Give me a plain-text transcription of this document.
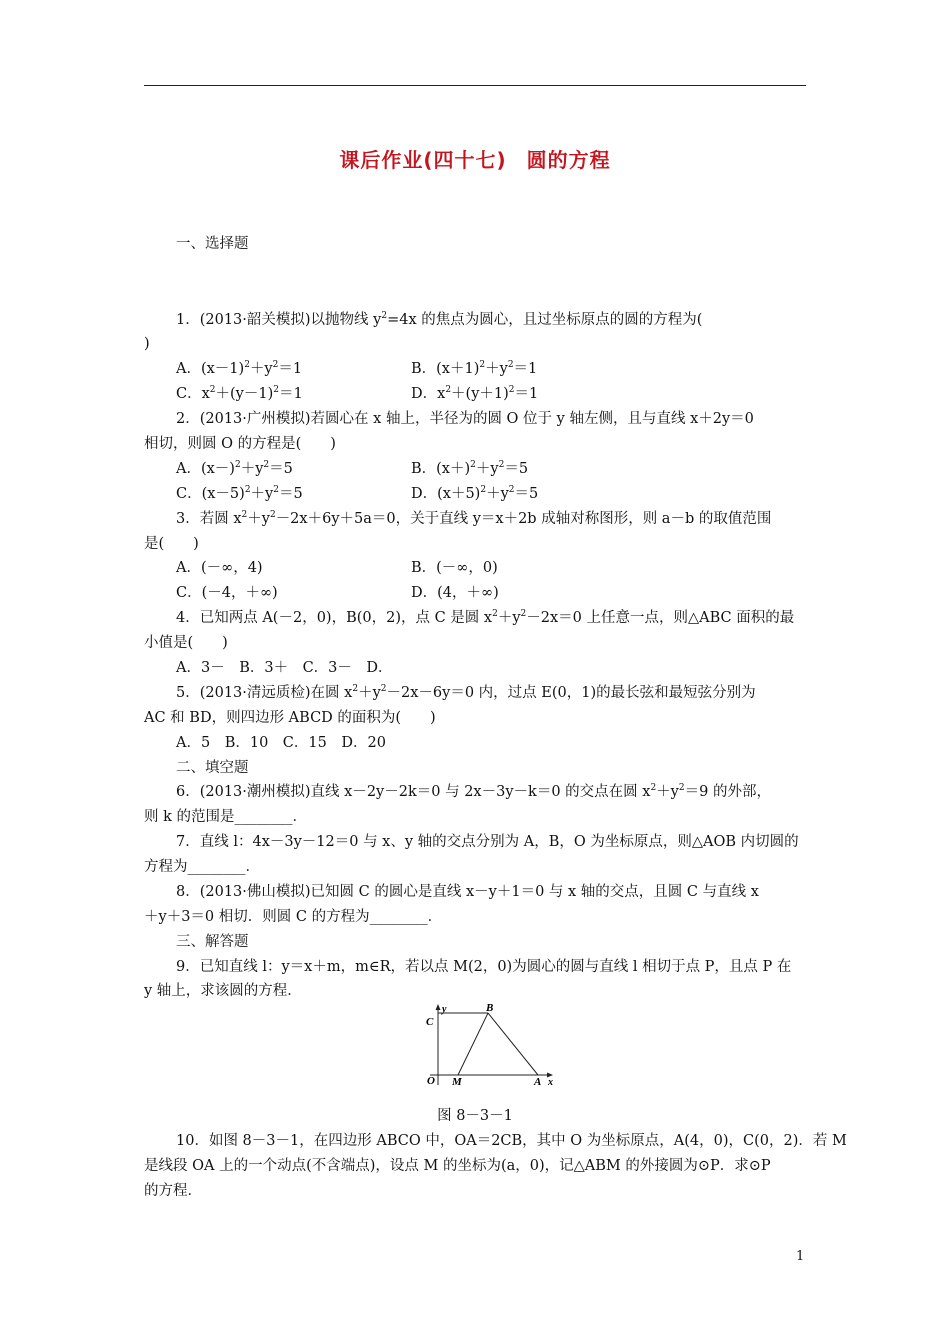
课后作业(四十七) 圆的方程
一、选择题
1．(2013·韶关模拟)以抛物线 $y^2=4x$ 的焦点为圆心，且过坐标原点的圆的方程为(
)
A．$(x-1)^2+y^2=1$	B．$(x+1)^2+y^2=1$
C．$x^2+(y-1)^2=1$	D．$x^2+(y+1)^2=1$
2．(2013·广州模拟)若圆心在 x 轴上，半径为的圆 O 位于 y 轴左侧，且与直线 x＋2y＝0
相切，则圆 O 的方程是(　　)
A．$(x-)^2+y^2=5$	B．$(x+)^2+y^2=5$
C．$(x-5)^2+y^2=5$	D．$(x+5)^2+y^2=5$
3．若圆 $x^2+y^2-2x+6y+5a=0$，关于直线 y＝x＋2b 成轴对称图形，则 a－b 的取值范围
是(　　)
A．(－∞，4)	B．(－∞，0)
C．(－4，＋∞)	D．(4，＋∞)
4．已知两点 A(－2，0)，B(0，2)，点 C 是圆 $x^2+y^2-2x=0$ 上任意一点，则△ABC 面积的最
小值是(　　)
A．3－　B．3＋　C．3－　D．
5．(2013·清远质检)在圆 $x^2+y^2-2x-6y=0$ 内，过点 E(0，1)的最长弦和最短弦分别为
AC 和 BD，则四边形 ABCD 的面积为(　　)
A．5　B．10　C．15　D．20
二、填空题
6．(2013·潮州模拟)直线 x－2y－2k＝0 与 2x－3y－k＝0 的交点在圆 $x^2+y^2=9$ 的外部，
则 k 的范围是________．
7．直线 l：4x－3y－12＝0 与 x、y 轴的交点分别为 A，B，O 为坐标原点，则△AOB 内切圆的
方程为________．
8．(2013·佛山模拟)已知圆 C 的圆心是直线 x－y＋1＝0 与 x 轴的交点，且圆 C 与直线 x
＋y＋3＝0 相切．则圆 C 的方程为________．
三、解答题
9．已知直线 l：y＝x＋m，m∈R，若以点 M(2，0)为圆心的圆与直线 l 相切于点 P，且点 P 在
y 轴上，求该圆的方程．
C
B
y
O M	A x
图 8－3－1
10．如图 8－3－1，在四边形 ABCO 中，OA＝2CB，其中 O 为坐标原点，A(4，0)，C(0，2)．若 M
是线段 OA 上的一个动点(不含端点)，设点 M 的坐标为(a，0)，记△ABM 的外接圆为⊙P．求⊙P
的方程．
1
